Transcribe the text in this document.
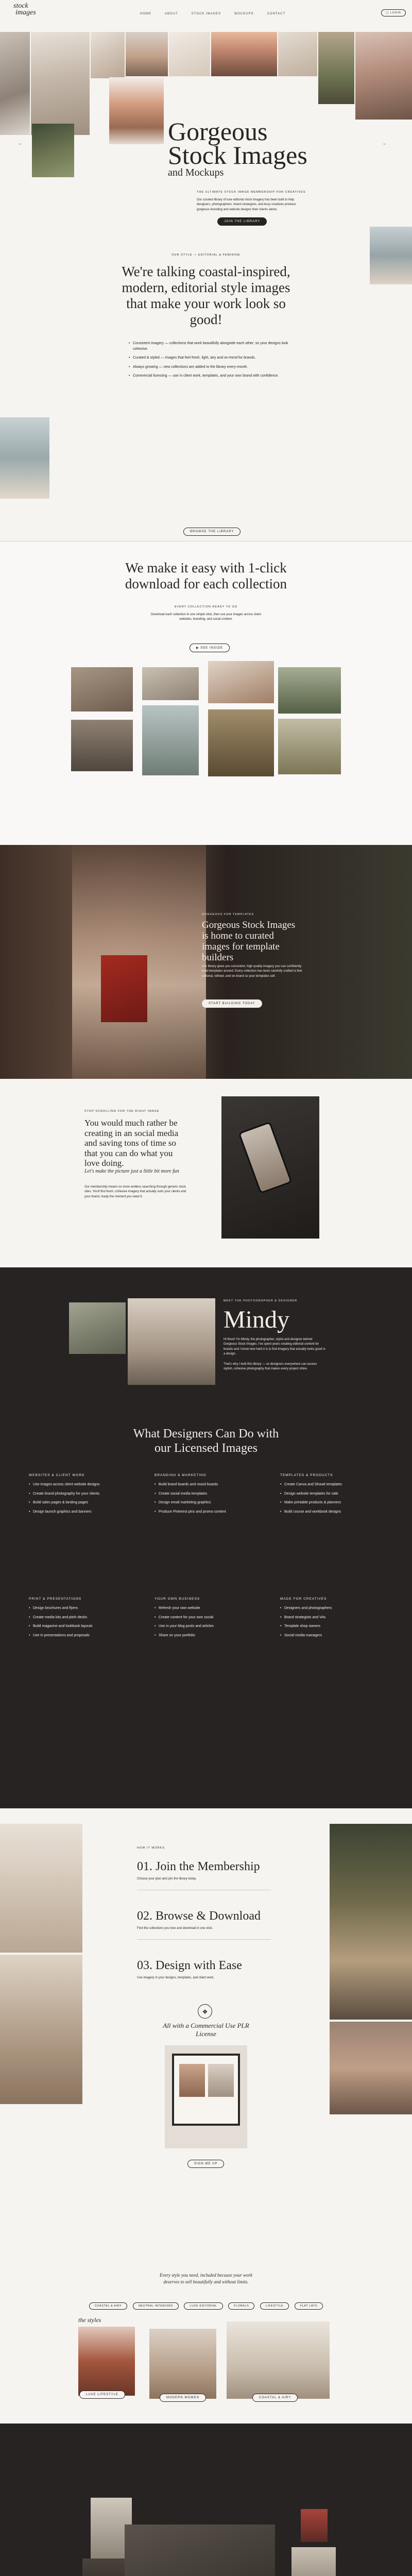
stock
images	HOME	ABOUT	STOCK IMAGES	MOCKUPS	CONTACT	◯ LOGIN
←	→
Gorgeous
Stock Images
and Mockups
THE ULTIMATE STOCK IMAGE MEMBERSHIP FOR CREATIVES
Our curated library of luxe editorial stock imagery has been built to help designers, photographers, brand strategists, and busy creatives produce gorgeous branding and website designs their clients adore.
JOIN THE LIBRARY
OUR STYLE — EDITORIAL & FEMININE
We're talking coastal-inspired, modern, editorial style images that make your work look so good!
• Consistent imagery — collections that work beautifully alongside each other, so your designs look cohesive.
• Curated & styled — images that feel fresh, light, airy and on-trend for brands.
• Always growing — new collections are added to the library every month.
• Commercial licensing — use in client work, templates, and your own brand with confidence.
BROWSE THE LIBRARY
We make it easy with 1-click download for each collection
EVERY COLLECTION READY TO GO
Download each collection in one simple click, then use your images across client websites, branding, and social content.
▶ SEE INSIDE
GORGEOUS FOR TEMPLATES
Gorgeous Stock Images is home to curated images for template builders
Our library gives you consistent, high quality imagery you can confidently build templates around. Every collection has been carefully crafted to feel editorial, refined, and on-brand so your templates sell.
START BUILDING TODAY
STOP SCROLLING FOR THE RIGHT IMAGE
You would much rather be creating in an social media and saving tons of time so that you can do what you love doing.
Let's make the picture just a little bit more fun
Our membership means no more endless searching through generic stock sites. You'll find fresh, cohesive imagery that actually suits your clients and your brand, ready the moment you need it.
MEET THE PHOTOGRAPHER & DESIGNER
Mindy
Hi there! I'm Mindy, the photographer, stylist and designer behind Gorgeous Stock Images. I've spent years creating editorial content for brands and I know how hard it is to find imagery that actually looks good in a design.
That's why I built this library — so designers everywhere can access stylish, cohesive photography that makes every project shine.
What Designers Can Do with our Licensed Images
WEBSITES & CLIENT WORK
• Use images across client website designs
• Create brand photography for your clients
• Build sales pages & landing pages
• Design launch graphics and banners
BRANDING & MARKETING
• Build brand boards and mood boards
• Create social media templates
• Design email marketing graphics
• Produce Pinterest pins and promo content
TEMPLATES & PRODUCTS
• Create Canva and Showit templates
• Design website templates for sale
• Make printable products & planners
• Build course and workbook designs
PRINT & PRESENTATIONS
• Design brochures and flyers
• Create media kits and pitch decks
• Build magazine and lookbook layouts
• Use in presentations and proposals
YOUR OWN BUSINESS
• Refresh your own website
• Create content for your own social
• Use in your blog posts and articles
• Share on your portfolio
MADE FOR CREATIVES
• Designers and photographers
• Brand strategists and VAs
• Template shop owners
• Social media managers
HOW IT WORKS
01. Join the Membership
Choose your plan and join the library today.
02. Browse & Download
Find the collections you love and download in one click.
03. Design with Ease
Use imagery in your designs, templates, and client work.
❖
All with a Commercial Use PLR License
SIGN ME UP
Every style you need, included because your work deserves to sell beautifully and without limits.
COASTAL & AIRY	NEUTRAL INTERIORS	LUXE EDITORIAL	FLORALS	LIFESTYLE	FLAT LAYS
the styles
LUXE LIFESTYLE
MODERN WOMEN	COASTAL & AIRY
